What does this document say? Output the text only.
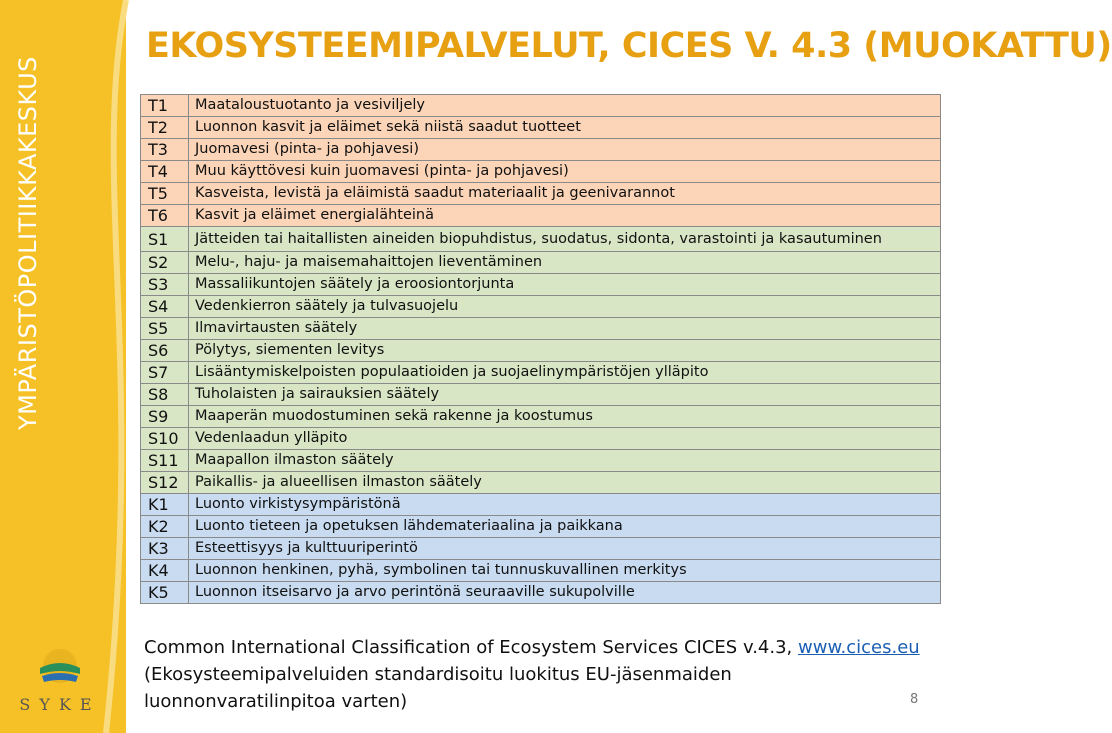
YMPÄRISTÖPOLITIIKKAKESKUS
SYKE
EKOSYSTEEMIPALVELUT, CICES V. 4.3 (MUOKATTU)
T1	Maataloustuotanto ja vesiviljely
T2	Luonnon kasvit ja eläimet sekä niistä saadut tuotteet
T3	Juomavesi (pinta- ja pohjavesi)
T4	Muu käyttövesi kuin juomavesi (pinta- ja pohjavesi)
T5	Kasveista, levistä ja eläimistä saadut materiaalit ja geenivarannot
T6	Kasvit ja eläimet energialähteinä
S1	Jätteiden tai haitallisten aineiden biopuhdistus, suodatus, sidonta, varastointi ja kasautuminen
S2	Melu-, haju- ja maisemahaittojen lieventäminen
S3	Massaliikuntojen säätely ja eroosiontorjunta
S4	Vedenkierron säätely ja tulvasuojelu
S5	Ilmavirtausten säätely
S6	Pölytys, siementen levitys
S7	Lisääntymiskelpoisten populaatioiden ja suojaelinympäristöjen ylläpito
S8	Tuholaisten ja sairauksien säätely
S9	Maaperän muodostuminen sekä rakenne ja koostumus
S10	Vedenlaadun ylläpito
S11	Maapallon ilmaston säätely
S12	Paikallis- ja alueellisen ilmaston säätely
K1	Luonto virkistysympäristönä
K2	Luonto tieteen ja opetuksen lähdemateriaalina ja paikkana
K3	Esteettisyys ja kulttuuriperintö
K4	Luonnon henkinen, pyhä, symbolinen tai tunnuskuvallinen merkitys
K5	Luonnon itseisarvo ja arvo perintönä seuraaville sukupolville
Common International Classification of Ecosystem Services CICES v.4.3, www.cices.eu
(Ekosysteemipalveluiden standardisoitu luokitus EU-jäsenmaiden luonnonvaratilinpitoa varten)	8
